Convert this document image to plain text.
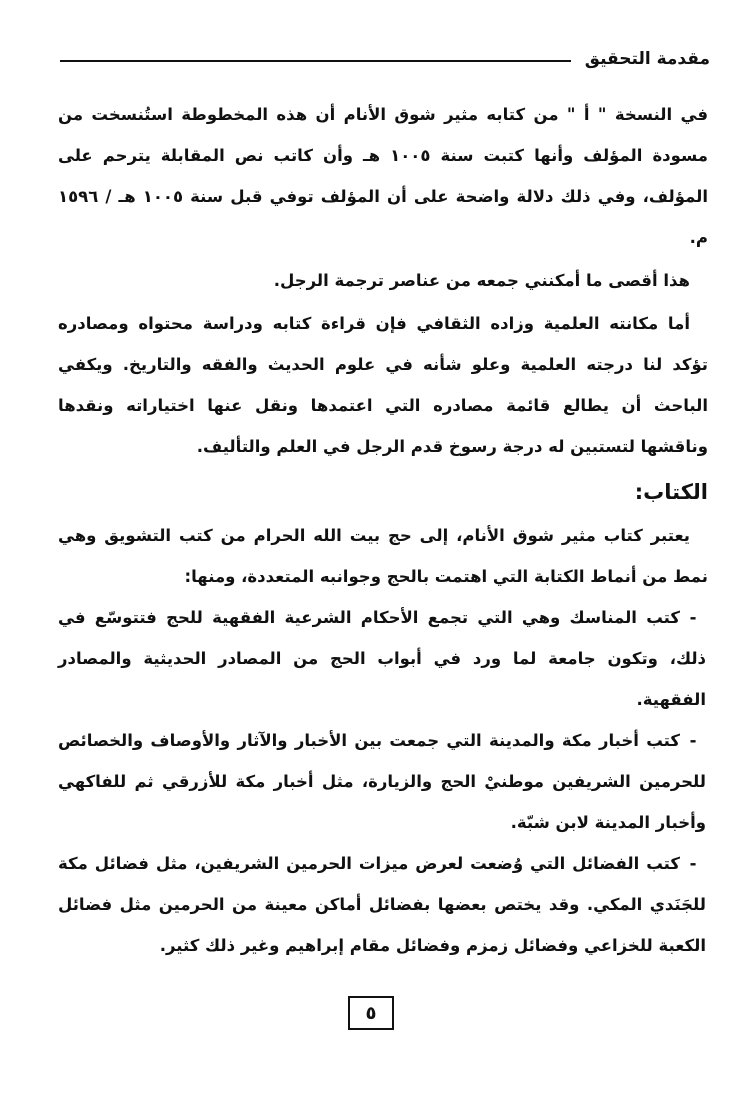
مقدمة التحقيق

في النسخة " أ " من كتابه مثير شوق الأنام أن هذه المخطوطة استُنسخت من مسودة المؤلف وأنها كتبت سنة ١٠٠٥ هـ وأن كاتب نص المقابلة يترحم على المؤلف، وفي ذلك دلالة واضحة على أن المؤلف توفي قبل سنة ١٠٠٥ هـ / ١٥٩٦ م.

هذا أقصى ما أمكنني جمعه من عناصر ترجمة الرجل.

أما مكانته العلمية وزاده الثقافي فإن قراءة كتابه ودراسة محتواه ومصادره تؤكد لنا درجته العلمية وعلو شأنه في علوم الحديث والفقه والتاريخ. ويكفي الباحث أن يطالع قائمة مصادره التي اعتمدها ونقل عنها اختياراته ونقدها وناقشها لتستبين له درجة رسوخ قدم الرجل في العلم والتأليف.

الكتاب:

يعتبر كتاب مثير شوق الأنام، إلى حج بيت الله الحرام من كتب التشويق وهي نمط من أنماط الكتابة التي اهتمت بالحج وجوانبه المتعددة، ومنها:

-كتب المناسك وهي التي تجمع الأحكام الشرعية الفقهية للحج فتتوسّع في ذلك، وتكون جامعة لما ورد في أبواب الحج من المصادر الحديثية والمصادر الفقهية.

-كتب أخبار مكة والمدينة التي جمعت بين الأخبار والآثار والأوصاف والخصائص للحرمين الشريفين موطنيْ الحج والزيارة، مثل أخبار مكة للأزرقي ثم للفاكهي وأخبار المدينة لابن شبّة.

-كتب الفضائل التي وُضعت لعرض ميزات الحرمين الشريفين، مثل فضائل مكة للجَنَدي المكي. وقد يختص بعضها بفضائل أماكن معينة من الحرمين مثل فضائل الكعبة للخزاعي وفضائل زمزم وفضائل مقام إبراهيم وغير ذلك كثير.

٥
